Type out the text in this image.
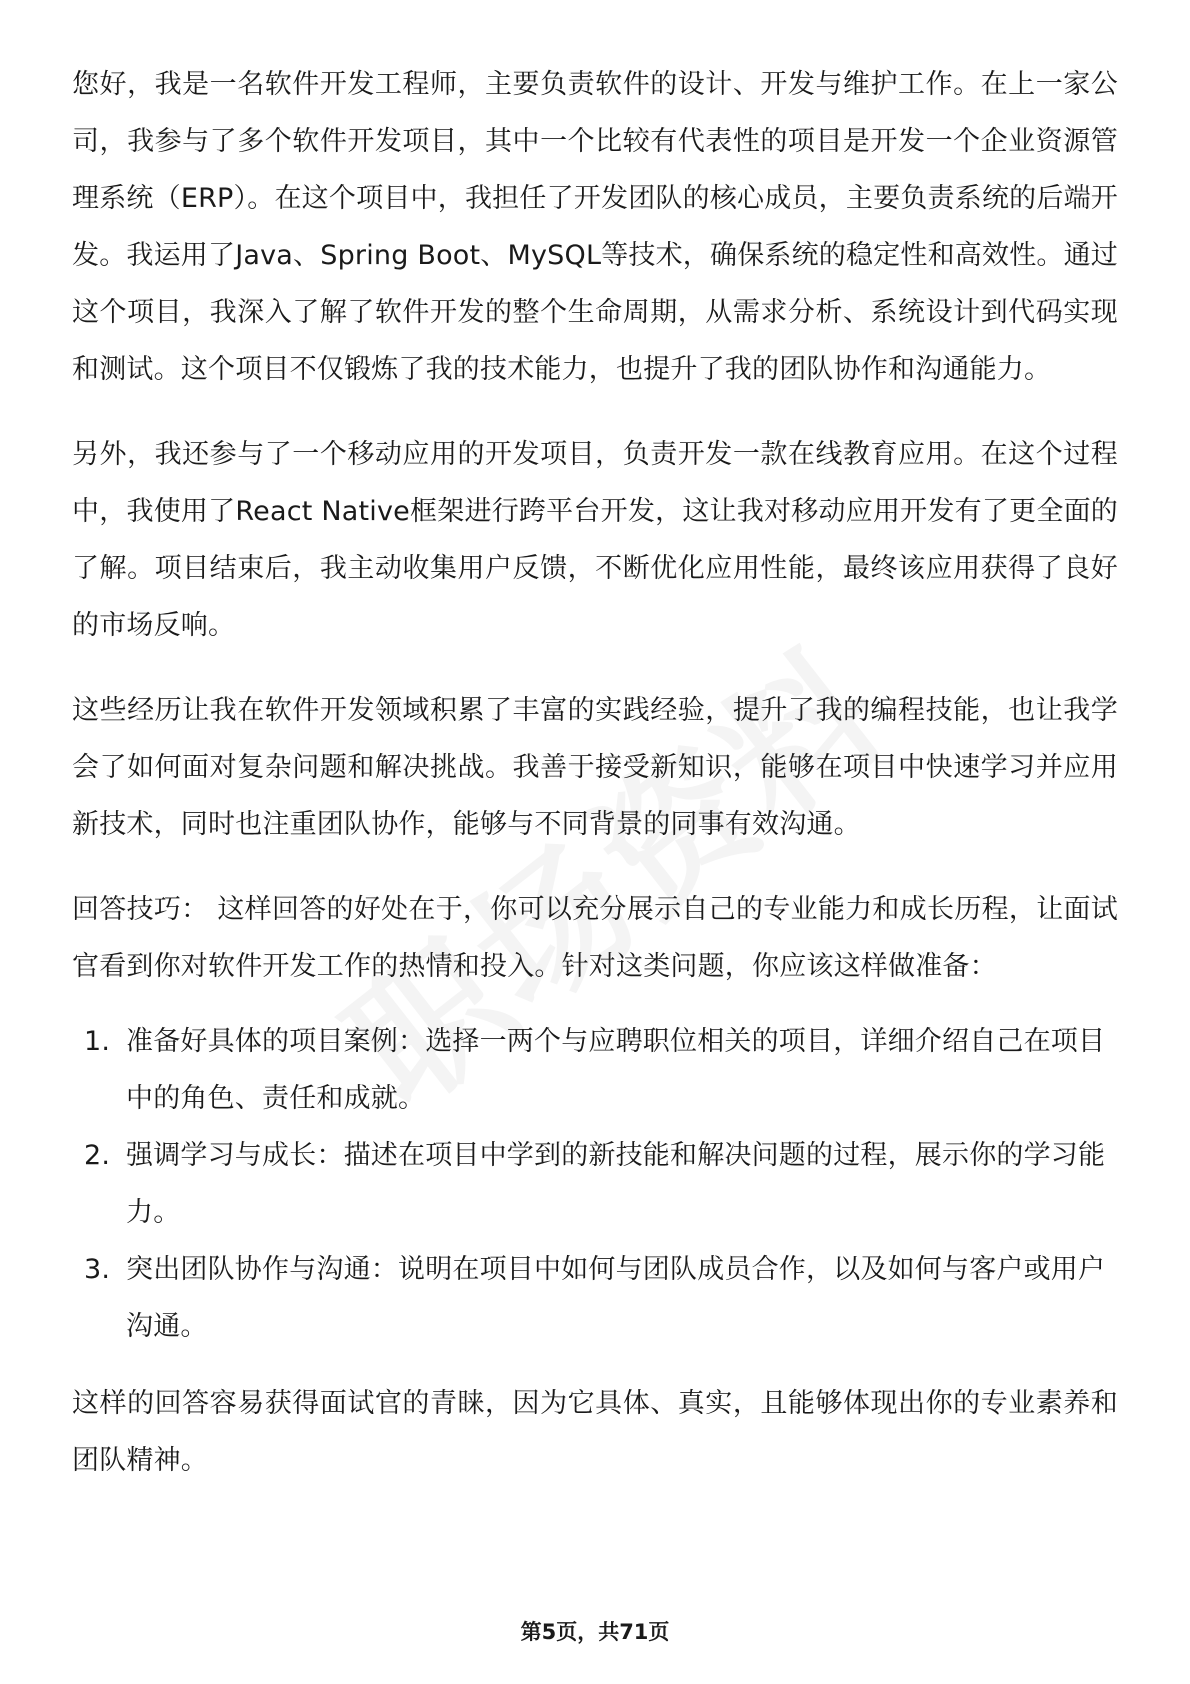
您好，我是一名软件开发工程师，主要负责软件的设计、开发与维护工作。在上一家公司，我参与了多个软件开发项目，其中一个比较有代表性的项目是开发一个企业资源管理系统（ERP）。在这个项目中，我担任了开发团队的核心成员，主要负责系统的后端开发。我运用了Java、Spring Boot、MySQL等技术，确保系统的稳定性和高效性。通过这个项目，我深入了解了软件开发的整个生命周期，从需求分析、系统设计到代码实现和测试。这个项目不仅锻炼了我的技术能力，也提升了我的团队协作和沟通能力。

另外，我还参与了一个移动应用的开发项目，负责开发一款在线教育应用。在这个过程中，我使用了React Native框架进行跨平台开发，这让我对移动应用开发有了更全面的了解。项目结束后，我主动收集用户反馈，不断优化应用性能，最终该应用获得了良好的市场反响。

这些经历让我在软件开发领域积累了丰富的实践经验，提升了我的编程技能，也让我学会了如何面对复杂问题和解决挑战。我善于接受新知识，能够在项目中快速学习并应用新技术，同时也注重团队协作，能够与不同背景的同事有效沟通。

回答技巧： 这样回答的好处在于，你可以充分展示自己的专业能力和成长历程，让面试官看到你对软件开发工作的热情和投入。针对这类问题，你应该这样做准备：

1. 准备好具体的项目案例：选择一两个与应聘职位相关的项目，详细介绍自己在项目中的角色、责任和成就。
2. 强调学习与成长：描述在项目中学到的新技能和解决问题的过程，展示你的学习能力。
3. 突出团队协作与沟通：说明在项目中如何与团队成员合作，以及如何与客户或用户沟通。

这样的回答容易获得面试官的青睐，因为它具体、真实，且能够体现出你的专业素养和团队精神。

第5页，共71页
